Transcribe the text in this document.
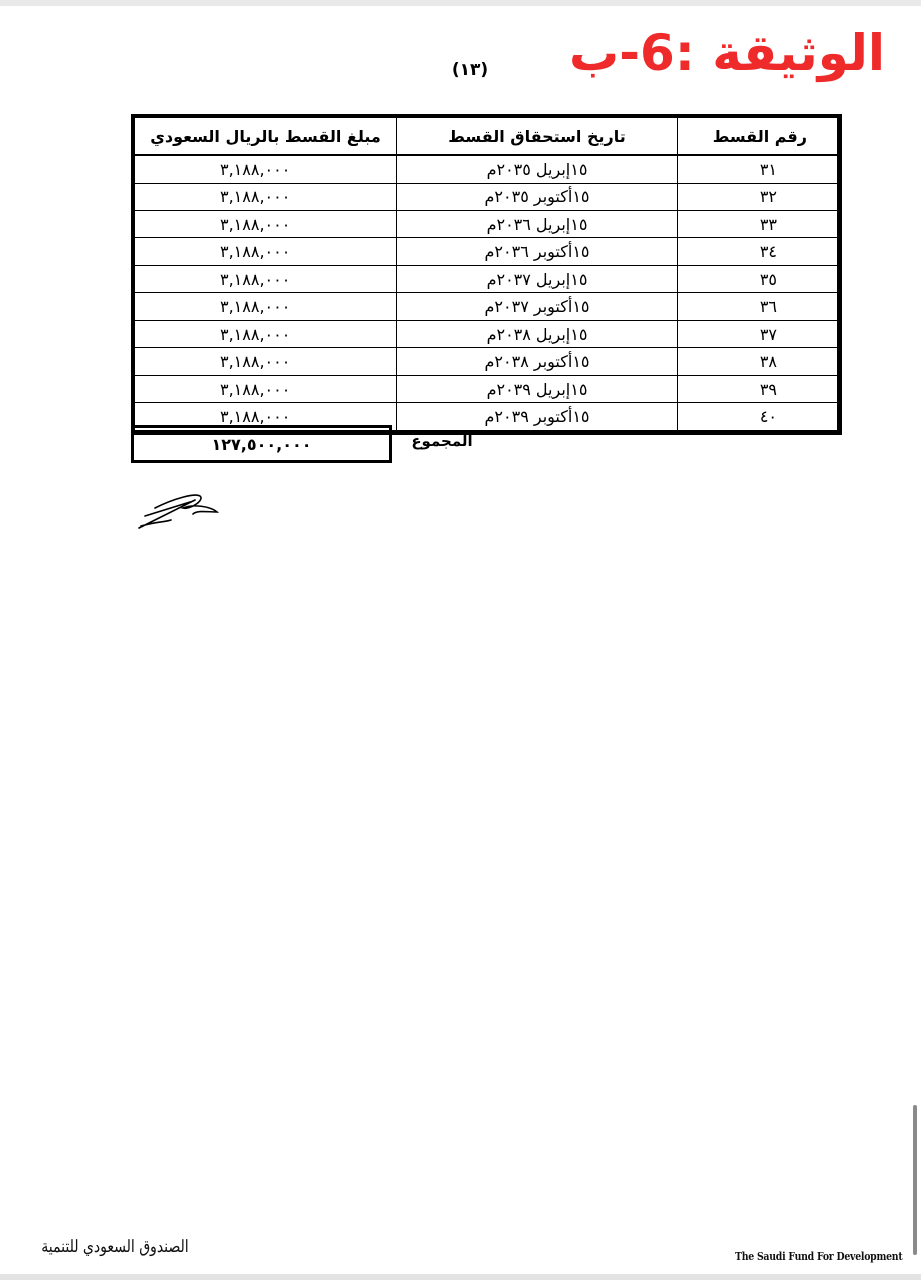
الوثيقة :6-ب
(١٣)
مبلغ القسط بالريال السعودي	تاريخ استحقاق القسط	رقم القسط
٣,١٨٨,٠٠٠	١٥إبريل ٢٠٣٥م	٣١
٣,١٨٨,٠٠٠	١٥أكتوبر ٢٠٣٥م	٣٢
٣,١٨٨,٠٠٠	١٥إبريل ٢٠٣٦م	٣٣
٣,١٨٨,٠٠٠	١٥أكتوبر ٢٠٣٦م	٣٤
٣,١٨٨,٠٠٠	١٥إبريل ٢٠٣٧م	٣٥
٣,١٨٨,٠٠٠	١٥أكتوبر ٢٠٣٧م	٣٦
٣,١٨٨,٠٠٠	١٥إبريل ٢٠٣٨م	٣٧
٣,١٨٨,٠٠٠	١٥أكتوبر ٢٠٣٨م	٣٨
٣,١٨٨,٠٠٠	١٥إبريل ٢٠٣٩م	٣٩
٣,١٨٨,٠٠٠	١٥أكتوبر ٢٠٣٩م	٤٠
١٢٧,٥٠٠,٠٠٠	المجموع
الصندوق السعودي للتنمية	The Saudi Fund For Development
